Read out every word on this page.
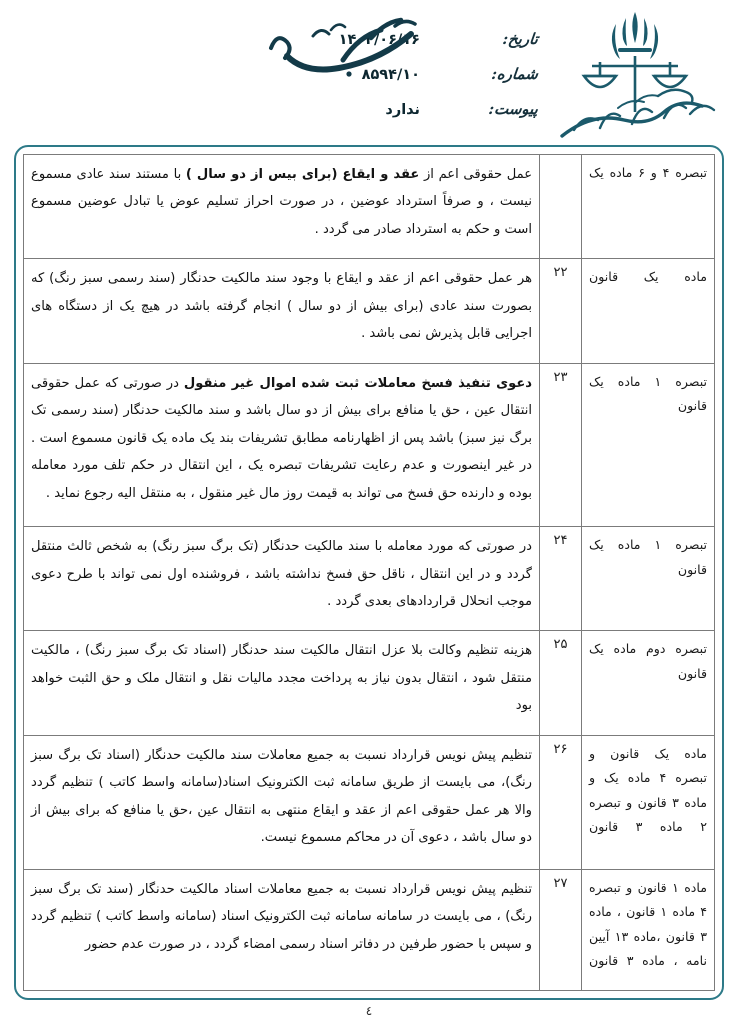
تاریخ:
۱۴۰۴/۰۶/۱۶
شماره:
۸۵۹۴/۱۰
پیوست:
ندارد
تبصره ۴ و ۶ ماده یک		عمل حقوقی اعم از عقد و ایقاع (برای بیس از دو سال ) با مستند سند عادی مسموع نیست ، و صرفاً استرداد عوضین ، در صورت احراز تسلیم عوض یا تبادل عوضین مسموع است و حکم به استرداد صادر می گردد .
ماده یک قانون	۲۲	هر عمل حقوقی اعم از عقد و ایقاع با وجود سند مالکیت حدنگار (سند رسمی سبز رنگ) که بصورت سند عادی (برای بیش از دو سال ) انجام گرفته باشد در هیچ یک از دستگاه های اجرایی قابل پذیرش نمی باشد .
تبصره ۱ ماده یک قانون	۲۳	دعوی تنفیذ فسخ معاملات ثبت شده اموال غیر منقول در صورتی که عمل حقوقی انتقال عین ، حق یا منافع برای بیش از دو سال باشد و سند مالکیت حدنگار (سند رسمی تک برگ نیز سبز) باشد پس از اظهارنامه مطابق تشریفات بند یک ماده یک قانون مسموع است . در غیر اینصورت و عدم رعایت تشریفات تبصره یک ، این انتقال در حکم تلف مورد معامله بوده و دارنده حق فسخ می تواند به قیمت روز مال غیر منقول ، به منتقل الیه رجوع نماید .
تبصره ۱ ماده یک قانون	۲۴	در صورتی که مورد معامله با سند مالکیت حدنگار (تک برگ سبز رنگ) به شخص ثالث منتقل گردد و در این انتقال ، ناقل حق فسخ نداشته باشد ، فروشنده اول نمی تواند با طرح دعوی موجب انحلال قراردادهای بعدی گردد .
تبصره دوم ماده یک قانون	۲۵	هزینه تنظیم وکالت بلا عزل انتقال مالکیت سند حدنگار (اسناد تک برگ سبز رنگ) ، مالکیت منتقل شود ، انتقال بدون نیاز به پرداخت مجدد مالیات نقل و انتقال ملک و حق الثبت خواهد بود
ماده یک قانون و تبصره ۴ ماده یک و ماده ۳ قانون و تبصره ۲ ماده ۳ قانون	۲۶	تنظیم پیش نویس قرارداد نسبت به جمیع معاملات سند مالکیت حدنگار (اسناد تک برگ سبز رنگ)، می بایست از طریق سامانه ثبت الکترونیک اسناد(سامانه واسط کاتب ) تنظیم گردد والا هر عمل حقوقی اعم از عقد و ایقاع منتهی به انتقال عین ،حق یا منافع که برای بیش از دو سال باشد ، دعوی آن در محاکم مسموع نیست.
ماده ۱ قانون و تبصره ۴ ماده ۱ قانون ، ماده ۳ قانون ،ماده ۱۳ آیین نامه ، ماده ۳ قانون	۲۷	تنظیم پیش نویس قرارداد نسبت به جمیع معاملات اسناد مالکیت حدنگار (سند تک برگ سبز رنگ) ، می بایست در سامانه سامانه ثبت الکترونیک اسناد (سامانه واسط کاتب ) تنظیم گردد و سپس با حضور طرفین در دفاتر اسناد رسمی امضاء گردد ، در صورت عدم حضور
٤
